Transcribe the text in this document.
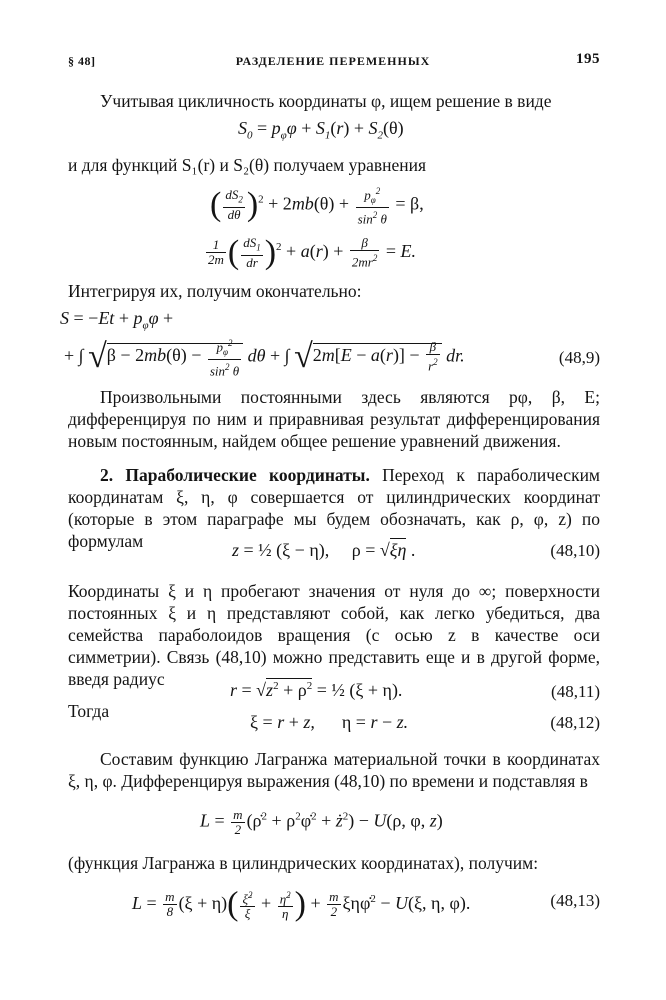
§ 48]	РАЗДЕЛЕНИЕ ПЕРЕМЕННЫХ	195
Учитывая цикличность координаты φ, ищем решение в виде
$S_0 = p_\varphi\varphi + S_1(r) + S_2(\theta)$
и для функций S₁(r) и S₂(θ) получаем уравнения
( $\frac{dS_2}{d\theta} )^2 + 2mb(\theta) + \frac{p_\varphi^2}{\sin^2 \theta} = \beta$,
$\frac{1}{2m}$ ( $\frac{dS_1}{dr} )^2 + a(r) + \frac{\beta}{2mr^2} = E$.
Интегрируя их, получим окончательно:
$S = -Et + p_\varphi\varphi$ +
+ ∫ $√\beta - 2mb(\theta) - \frac{p_\varphi^2}{\sin^2 \theta}$ dθ + ∫ $√2m[E - a(r)] - \frac{\beta}{r^2}$ dr.	(48,9)
Произвольными постоянными здесь являются pφ, β, E; дифференцируя по ним и приравнивая результат дифференцирования новым постоянным, найдем общее решение уравнений движения.
2. Параболические координаты. Переход к параболическим координатам ξ, η, φ совершается от цилиндрических координат (которые в этом параграфе мы будем обозначать, как ρ, φ, z) по формулам	z = ½ (ξ − η),     ρ = √ξη .	(48,10)
Координаты ξ и η пробегают значения от нуля до ∞; поверхности постоянных ξ и η представляют собой, как легко убедиться, два семейства параболоидов вращения (с осью z в качестве оси симметрии). Связь (48,10) можно представить еще и в другой форме, введя радиус
$r = √z^2 + \rho^2$ = ½ (ξ + η).	(48,11)
Тогда
ξ = r + z,      η = r − z.	(48,12)
Составим функцию Лагранжа материальной точки в координатах ξ, η, φ. Дифференцируя выражения (48,10) по времени и подставляя в
$L = \frac{m}{2}$ (ρ̇$^2$ + $\rho^2\varphi̇^2$ + $ż^2) - U(\rho$, φ, z)
(функция Лагранжа в цилиндрических координатах), получим:
$L = \frac{m}{8} (\xi + \eta)( \frac{\xi̇^2}{\xi} + \frac{\etȧ^2}{\eta}$ ) + $\frac{m}{2}$ ξηφ̇$^2$ − U(ξ, η, φ).	(48,13)
